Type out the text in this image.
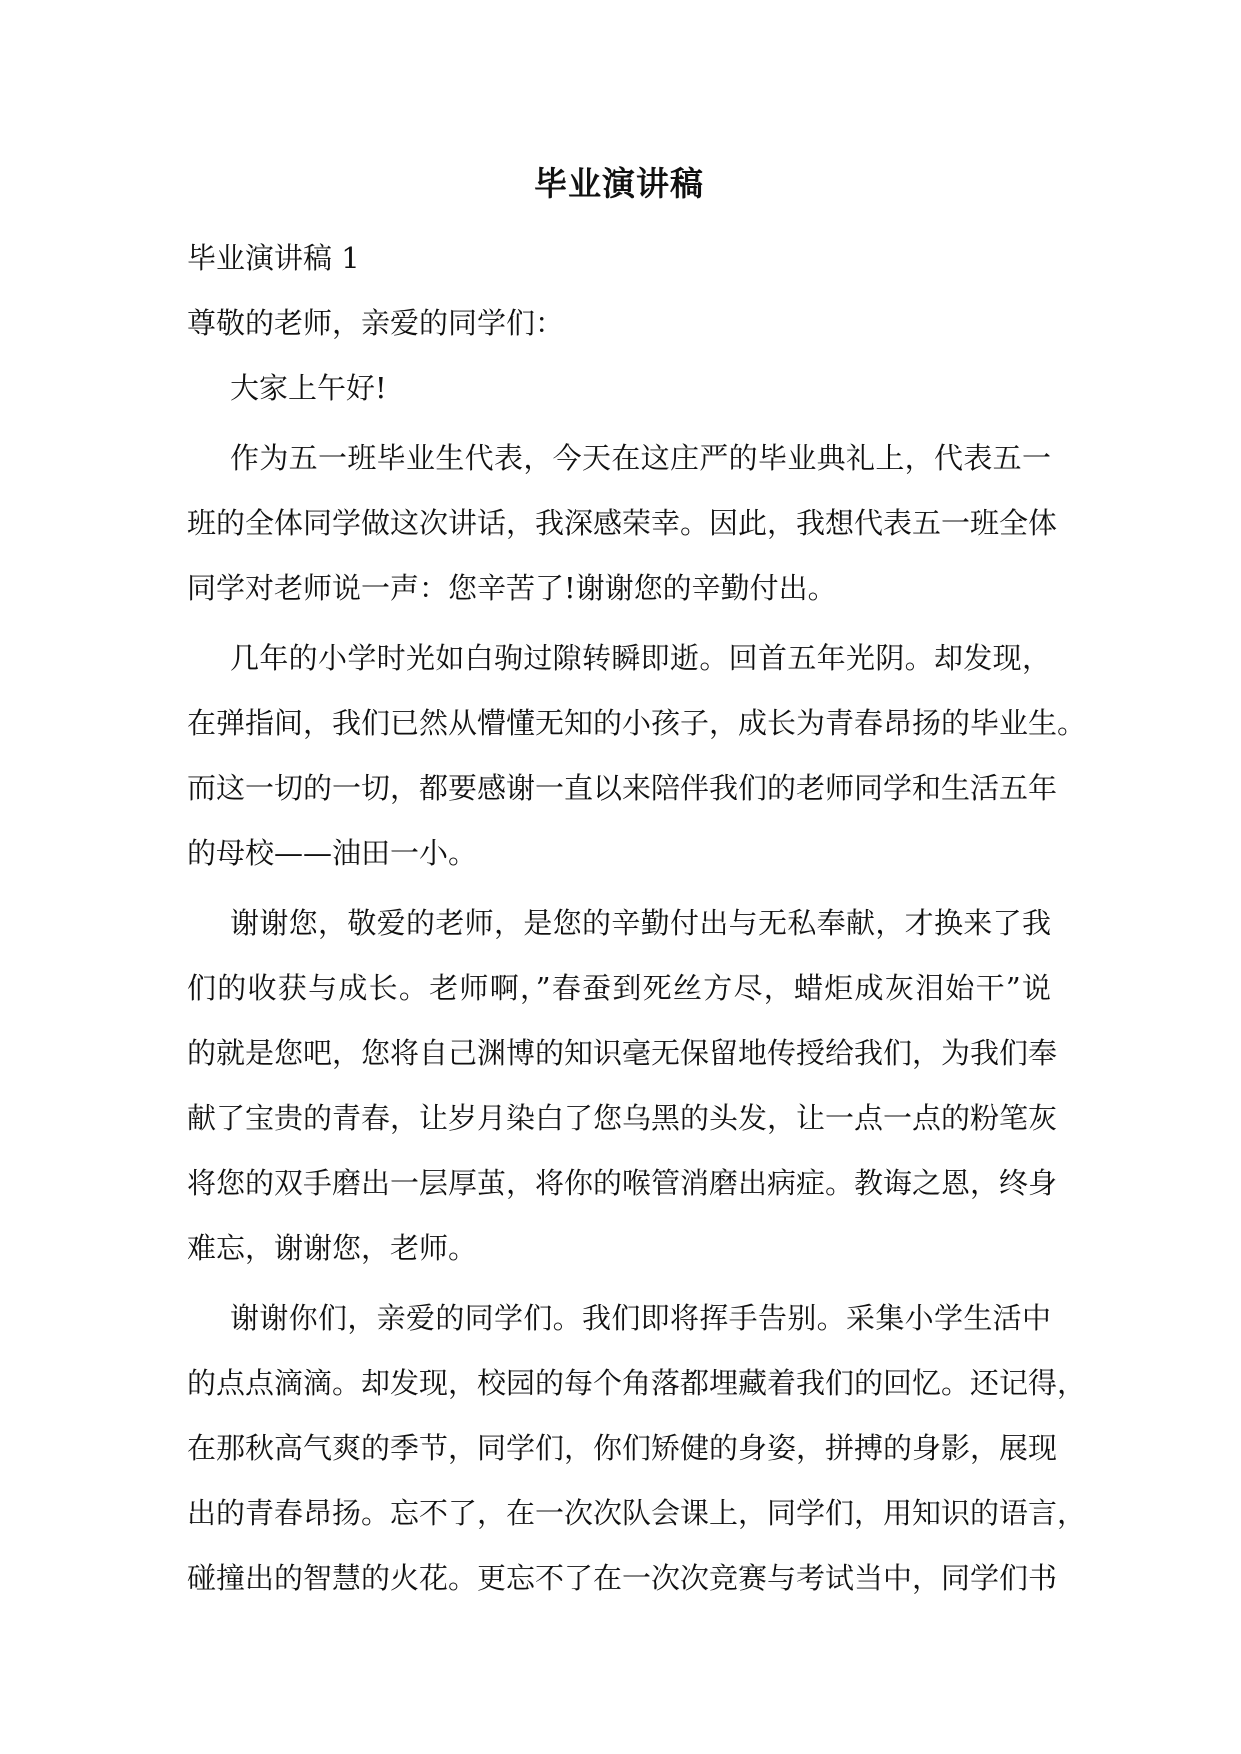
毕业演讲稿
毕业演讲稿 1
尊敬的老师，亲爱的同学们：
大家上午好!
作为五一班毕业生代表，今天在这庄严的毕业典礼上，代表五一
班的全体同学做这次讲话，我深感荣幸。因此，我想代表五一班全体
同学对老师说一声：您辛苦了!谢谢您的辛勤付出。
几年的小学时光如白驹过隙转瞬即逝。回首五年光阴。却发现，
在弹指间，我们已然从懵懂无知的小孩子，成长为青春昂扬的毕业生。
而这一切的一切，都要感谢一直以来陪伴我们的老师同学和生活五年
的母校——油田一小。
谢谢您，敬爱的老师，是您的辛勤付出与无私奉献，才换来了我
们的收获与成长。老师啊，”春蚕到死丝方尽，蜡炬成灰泪始干”说
的就是您吧，您将自己渊博的知识毫无保留地传授给我们，为我们奉
献了宝贵的青春，让岁月染白了您乌黑的头发，让一点一点的粉笔灰
将您的双手磨出一层厚茧，将你的喉管消磨出病症。教诲之恩，终身
难忘，谢谢您，老师。
谢谢你们，亲爱的同学们。我们即将挥手告别。采集小学生活中
的点点滴滴。却发现，校园的每个角落都埋藏着我们的回忆。还记得，
在那秋高气爽的季节，同学们，你们矫健的身姿，拼搏的身影，展现
出的青春昂扬。忘不了，在一次次队会课上，同学们，用知识的语言，
碰撞出的智慧的火花。更忘不了在一次次竞赛与考试当中，同学们书
